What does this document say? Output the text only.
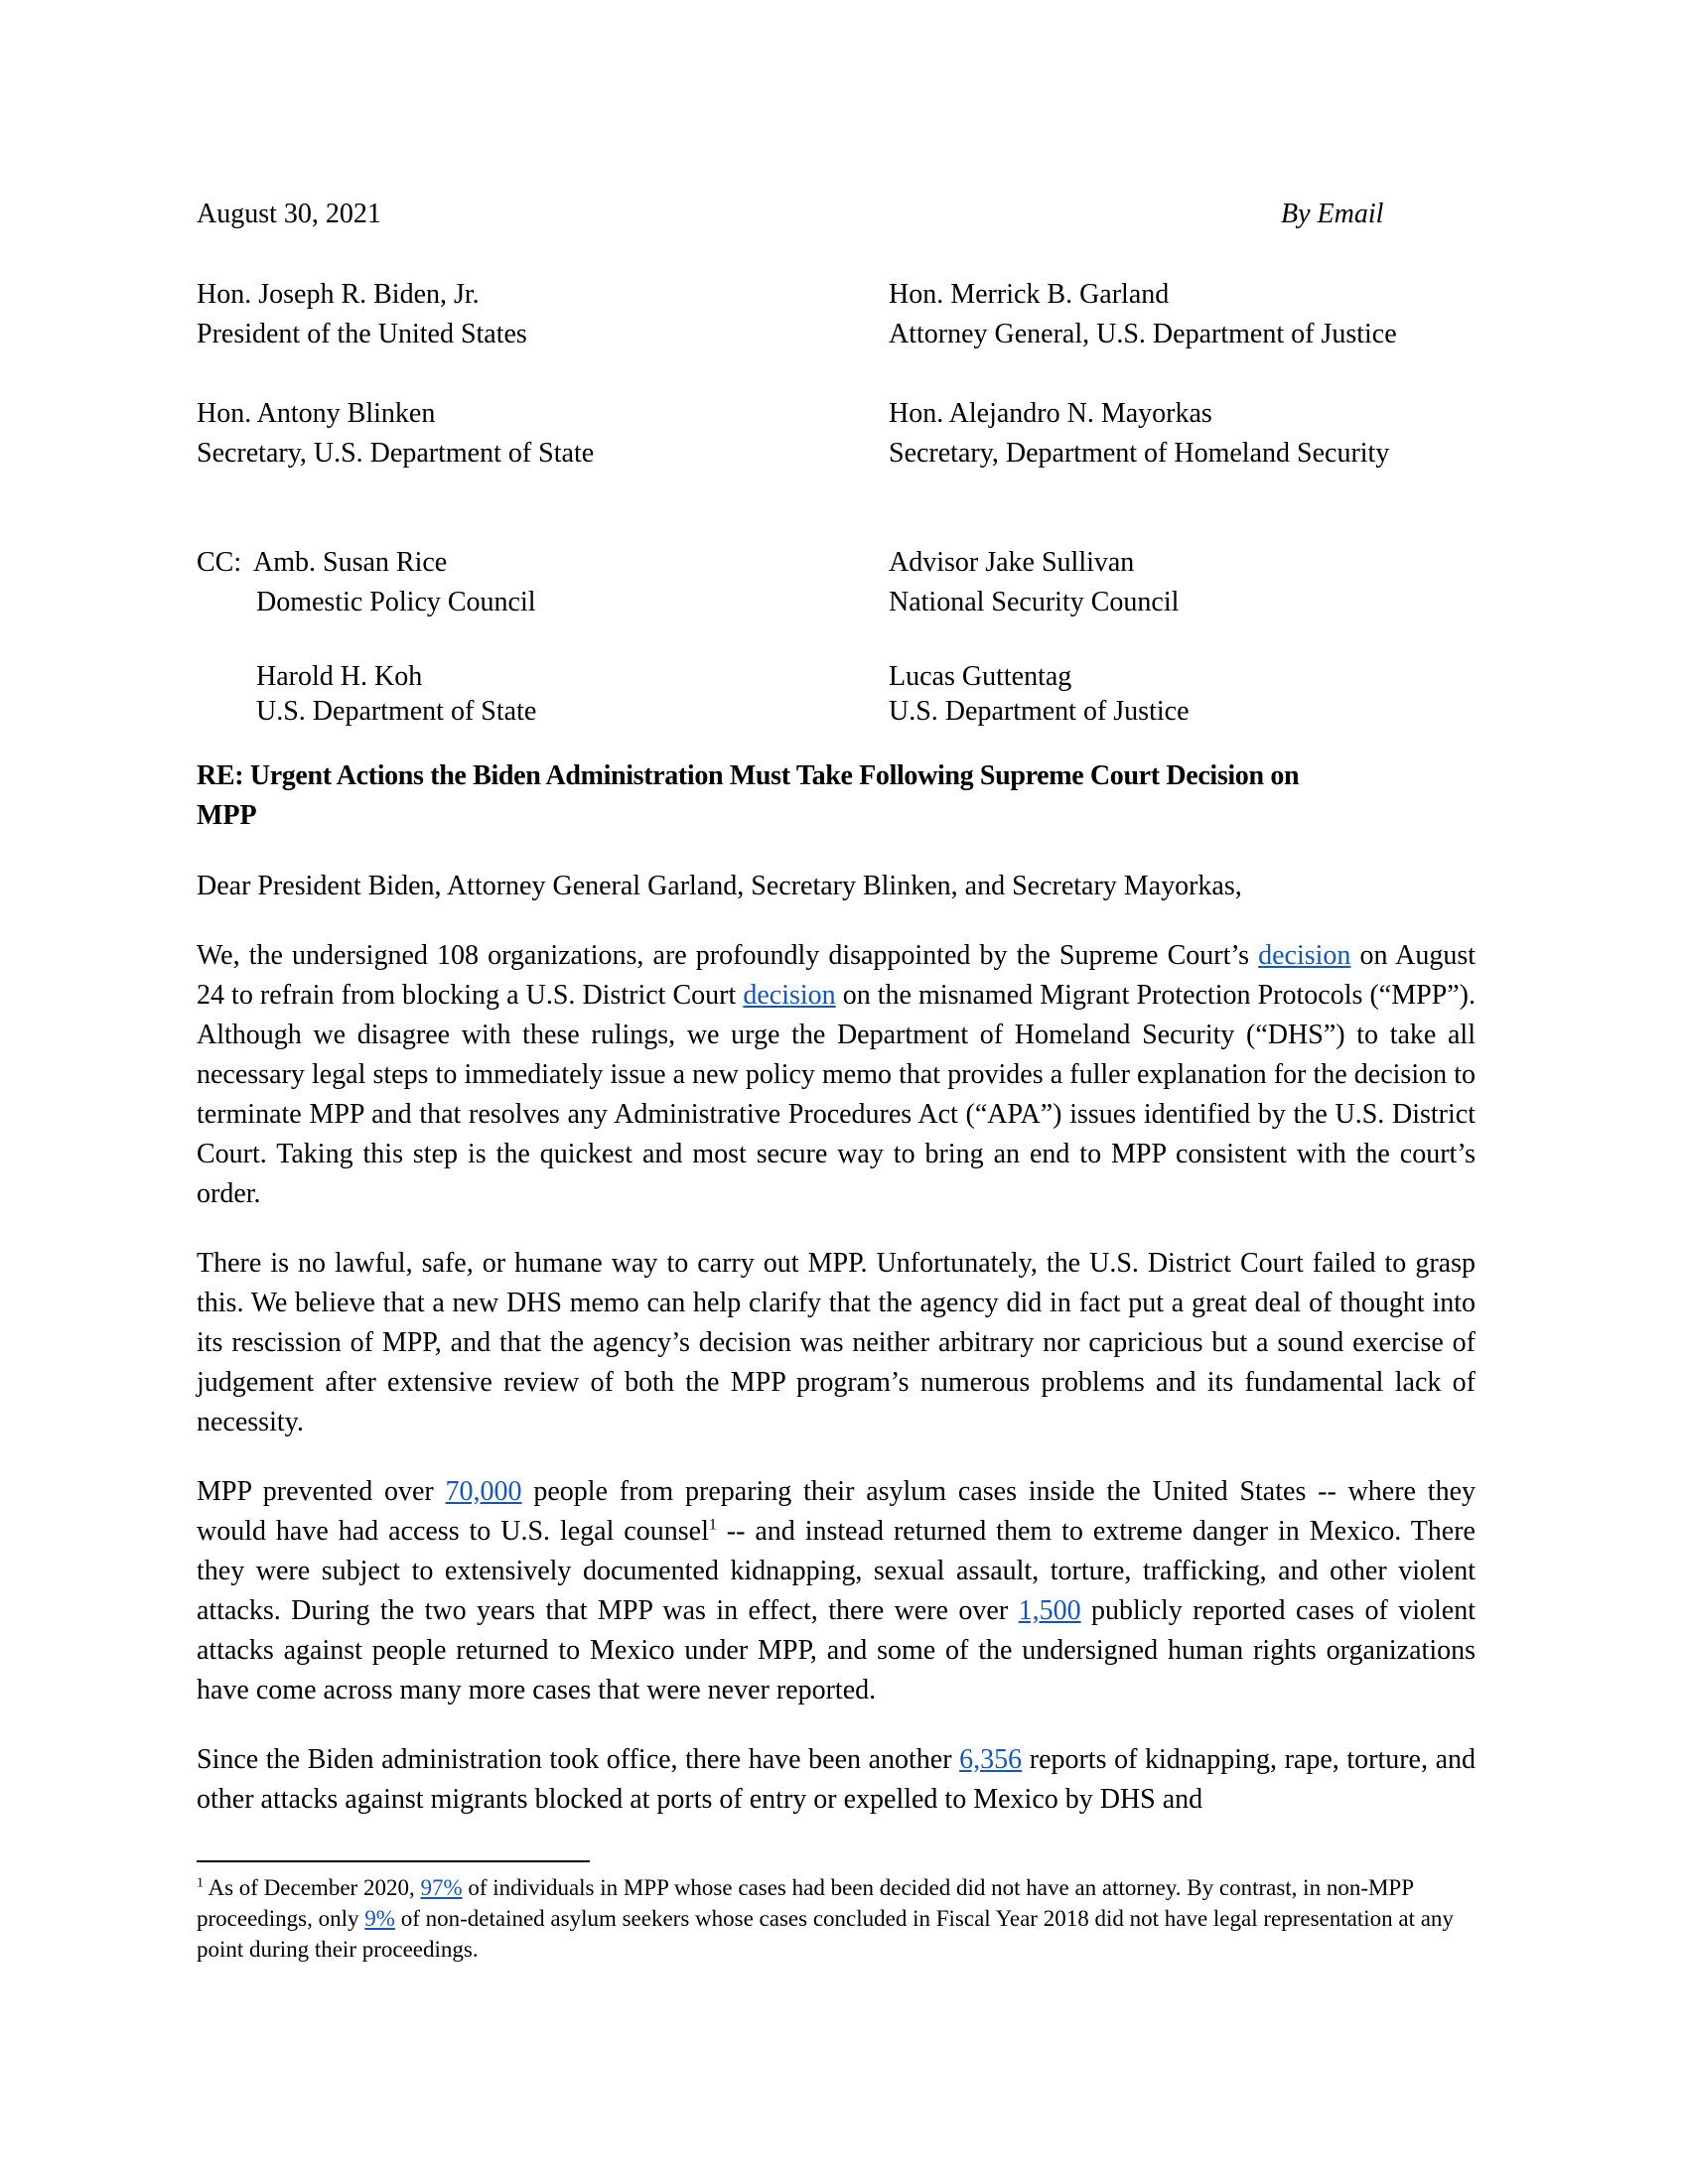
August 30, 2021	By Email
Hon. Joseph R. Biden, Jr.
President of the United States
Hon. Merrick B. Garland
Attorney General, U.S. Department of Justice
Hon. Antony Blinken
Secretary, U.S. Department of State
Hon. Alejandro N. Mayorkas
Secretary, Department of Homeland Security
CC: Amb. Susan Rice
Domestic Policy Council
Advisor Jake Sullivan
National Security Council
Harold H. Koh
U.S. Department of State
Lucas Guttentag
U.S. Department of Justice
RE: Urgent Actions the Biden Administration Must Take Following Supreme Court Decision on
MPP
Dear President Biden, Attorney General Garland, Secretary Blinken, and Secretary Mayorkas,
We, the undersigned 108 organizations, are profoundly disappointed by the Supreme Court’s decision on August 24 to refrain from blocking a U.S. District Court decision on the misnamed Migrant Protection Protocols (“MPP”). Although we disagree with these rulings, we urge the Department of Homeland Security (“DHS”) to take all necessary legal steps to immediately issue a new policy memo that provides a fuller explanation for the decision to terminate MPP and that resolves any Administrative Procedures Act (“APA”) issues identified by the U.S. District Court. Taking this step is the quickest and most secure way to bring an end to MPP consistent with the court’s order.
There is no lawful, safe, or humane way to carry out MPP. Unfortunately, the U.S. District Court failed to grasp this. We believe that a new DHS memo can help clarify that the agency did in fact put a great deal of thought into its rescission of MPP, and that the agency’s decision was neither arbitrary nor capricious but a sound exercise of judgement after extensive review of both the MPP program’s numerous problems and its fundamental lack of necessity.
MPP prevented over 70,000 people from preparing their asylum cases inside the United States -- where they would have had access to U.S. legal counsel$^1$ -- and instead returned them to extreme danger in Mexico. There they were subject to extensively documented kidnapping, sexual assault, torture, trafficking, and other violent attacks. During the two years that MPP was in effect, there were over 1,500 publicly reported cases of violent attacks against people returned to Mexico under MPP, and some of the undersigned human rights organizations have come across many more cases that were never reported.
Since the Biden administration took office, there have been another 6,356 reports of kidnapping, rape, torture, and other attacks against migrants blocked at ports of entry or expelled to Mexico by DHS and
$^1$ As of December 2020, 97% of individuals in MPP whose cases had been decided did not have an attorney. By contrast, in non-MPP proceedings, only 9% of non-detained asylum seekers whose cases concluded in Fiscal Year 2018 did not have legal representation at any point during their proceedings.
